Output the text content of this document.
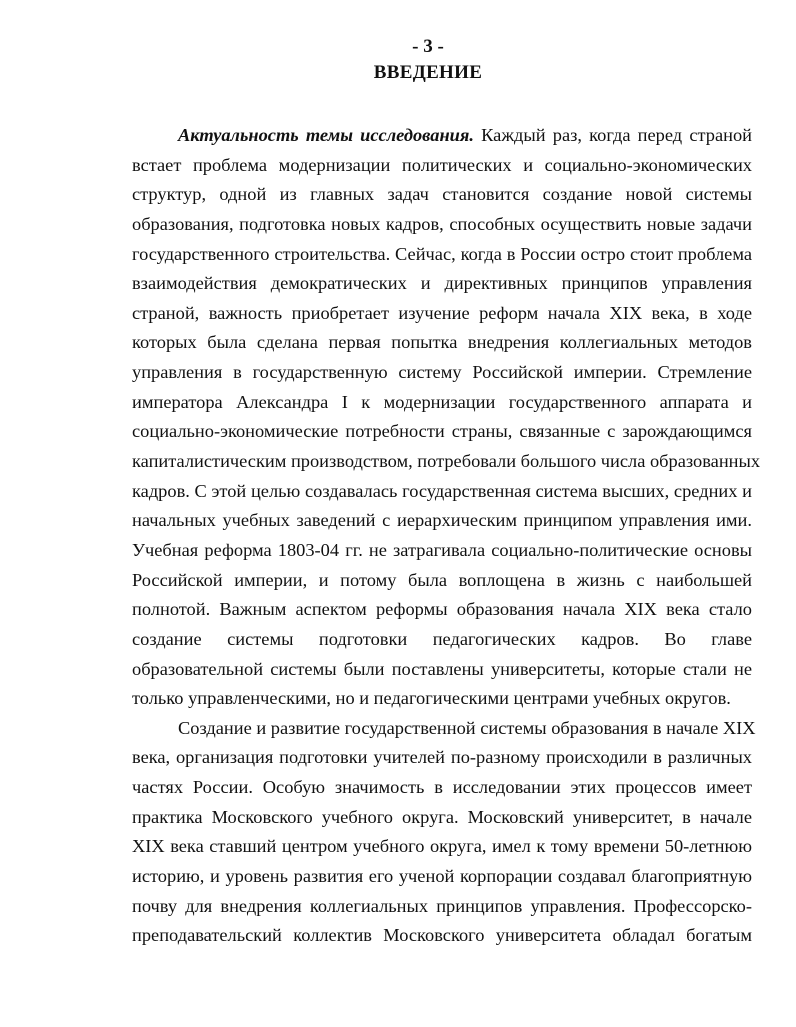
- 3 -
ВВЕДЕНИЕ
Актуальность темы исследования. Каждый раз, когда перед страной
встает проблема модернизации политических и социально-экономических
структур, одной из главных задач становится создание новой системы
образования, подготовка новых кадров, способных осуществить новые задачи
государственного строительства. Сейчас, когда в России остро стоит проблема
взаимодействия демократических и директивных принципов управления
страной, важность приобретает изучение реформ начала XIX века, в ходе
которых была сделана первая попытка внедрения коллегиальных методов
управления в государственную систему Российской империи. Стремление
императора Александра I к модернизации государственного аппарата и
социально-экономические потребности страны, связанные с зарождающимся
капиталистическим производством, потребовали большого числа образованных
кадров. С этой целью создавалась государственная система высших, средних и
начальных учебных заведений с иерархическим принципом управления ими.
Учебная реформа 1803-04 гг. не затрагивала социально-политические основы
Российской империи, и потому была воплощена в жизнь с наибольшей
полнотой. Важным аспектом реформы образования начала XIX века стало
создание системы подготовки педагогических кадров. Во главе
образовательной системы были поставлены университеты, которые стали не
только управленческими, но и педагогическими центрами учебных округов.
Создание и развитие государственной системы образования в начале XIX
века, организация подготовки учителей по-разному происходили в различных
частях России. Особую значимость в исследовании этих процессов имеет
практика Московского учебного округа. Московский университет, в начале
XIX века ставший центром учебного округа, имел к тому времени 50-летнюю
историю, и уровень развития его ученой корпорации создавал благоприятную
почву для внедрения коллегиальных принципов управления. Профессорско-
преподавательский коллектив Московского университета обладал богатым
